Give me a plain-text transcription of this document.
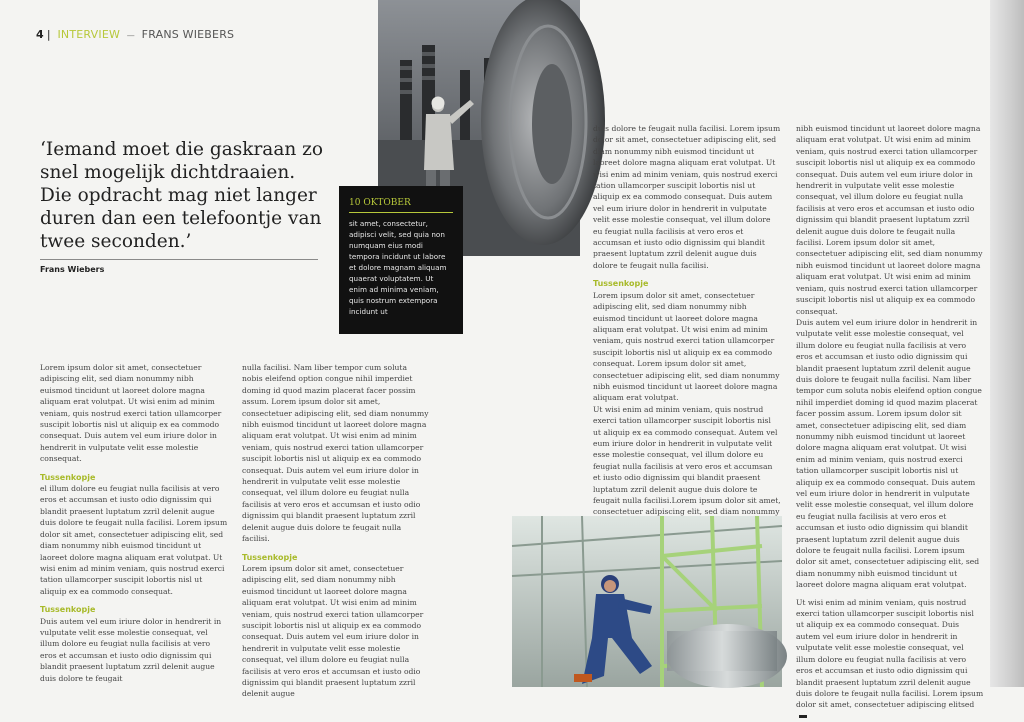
4 | INTERVIEW — FRANS WIEBERS
‘Iemand moet die gaskraan zo snel mogelijk dichtdraaien. Die opdracht mag niet langer duren dan een telefoontje van twee seconden.’
Frans Wiebers
10 OKTOBER
sit amet, consectetur, adipisci velit, sed quia non numquam eius modi tempora incidunt ut labore et dolore magnam aliquam quaerat voluptatem. Ut enim ad minima veniam, quis nostrum extempora incidunt ut

Lorem ipsum dolor sit amet, consectetuer adipiscing elit, sed diam nonummy nibh euismod tincidunt ut laoreet dolore magna aliquam erat volutpat. Ut wisi enim ad minim veniam, quis nostrud exerci tation ullamcorper suscipit lobortis nisl ut aliquip ex ea commodo consequat. Duis autem vel eum iriure dolor in hendrerit in vulputate velit esse molestie consequat.

Tussenkopje

el illum dolore eu feugiat nulla facilisis at vero eros et accumsan et iusto odio dignissim qui blandit praesent luptatum zzril delenit augue duis dolore te feugait nulla facilisi. Lorem ipsum dolor sit amet, consectetuer adipiscing elit, sed diam nonummy nibh euismod tincidunt ut laoreet dolore magna aliquam erat volutpat. Ut wisi enim ad minim veniam, quis nostrud exerci tation ullamcorper suscipit lobortis nisl ut aliquip ex ea commodo consequat.

Tussenkopje

Duis autem vel eum iriure dolor in hendrerit in vulputate velit esse molestie consequat, vel illum dolore eu feugiat nulla facilisis at vero eros et accumsan et iusto odio dignissim qui blandit praesent luptatum zzril delenit augue duis dolore te feugait

nulla facilisi. Nam liber tempor cum soluta nobis eleifend option congue nihil imperdiet doming id quod mazim placerat facer possim assum. Lorem ipsum dolor sit amet, consectetuer adipiscing elit, sed diam nonummy nibh euismod tincidunt ut laoreet dolore magna aliquam erat volutpat. Ut wisi enim ad minim veniam, quis nostrud exerci tation ullamcorper suscipit lobortis nisl ut aliquip ex ea commodo consequat. Duis autem vel eum iriure dolor in hendrerit in vulputate velit esse molestie consequat, vel illum dolore eu feugiat nulla facilisis at vero eros et accumsan et iusto odio dignissim qui blandit praesent luptatum zzril delenit augue duis dolore te feugait nulla facilisi.

Tussenkopje

Lorem ipsum dolor sit amet, consectetuer adipiscing elit, sed diam nonummy nibh euismod tincidunt ut laoreet dolore magna aliquam erat volutpat. Ut wisi enim ad minim veniam, quis nostrud exerci tation ullamcorper suscipit lobortis nisl ut aliquip ex ea commodo consequat. Duis autem vel eum iriure dolor in hendrerit in vulputate velit esse molestie consequat, vel illum dolore eu feugiat nulla facilisis at vero eros et accumsan et iusto odio dignissim qui blandit praesent luptatum zzril delenit augue

duis dolore te feugait nulla facilisi. Lorem ipsum dolor sit amet, consectetuer adipiscing elit, sed diam nonummy nibh euismod tincidunt ut laoreet dolore magna aliquam erat volutpat. Ut wisi enim ad minim veniam, quis nostrud exerci tation ullamcorper suscipit lobortis nisl ut aliquip ex ea commodo consequat. Duis autem vel eum iriure dolor in hendrerit in vulputate velit esse molestie consequat, vel illum dolore eu feugiat nulla facilisis at vero eros et accumsan et iusto odio dignissim qui blandit praesent luptatum zzril delenit augue duis dolore te feugait nulla facilisi.

Tussenkopje

Lorem ipsum dolor sit amet, consectetuer adipiscing elit, sed diam nonummy nibh euismod tincidunt ut laoreet dolore magna aliquam erat volutpat. Ut wisi enim ad minim veniam, quis nostrud exerci tation ullamcorper suscipit lobortis nisl ut aliquip ex ea commodo consequat. Lorem ipsum dolor sit amet, consectetuer adipiscing elit, sed diam nonummy nibh euismod tincidunt ut laoreet dolore magna aliquam erat volutpat.

Ut wisi enim ad minim veniam, quis nostrud exerci tation ullamcorper suscipit lobortis nisl ut aliquip ex ea commodo consequat. Autem vel eum iriure dolor in hendrerit in vulputate velit esse molestie consequat, vel illum dolore eu feugiat nulla facilisis at vero eros et accumsan et iusto odio dignissim qui blandit praesent luptatum zzril delenit augue duis dolore te feugait nulla facilisi.Lorem ipsum dolor sit amet, consectetuer adipiscing elit, sed diam nonummy

nibh euismod tincidunt ut laoreet dolore magna aliquam erat volutpat. Ut wisi enim ad minim veniam, quis nostrud exerci tation ullamcorper suscipit lobortis nisl ut aliquip ex ea commodo consequat. Duis autem vel eum iriure dolor in hendrerit in vulputate velit esse molestie consequat, vel illum dolore eu feugiat nulla facilisis at vero eros et accumsan et iusto odio dignissim qui blandit praesent luptatum zzril delenit augue duis dolore te feugait nulla facilisi. Lorem ipsum dolor sit amet, consectetuer adipiscing elit, sed diam nonummy nibh euismod tincidunt ut laoreet dolore magna aliquam erat volutpat. Ut wisi enim ad minim veniam, quis nostrud exerci tation ullamcorper suscipit lobortis nisl ut aliquip ex ea commodo consequat.

Duis autem vel eum iriure dolor in hendrerit in vulputate velit esse molestie consequat, vel illum dolore eu feugiat nulla facilisis at vero eros et accumsan et iusto odio dignissim qui blandit praesent luptatum zzril delenit augue duis dolore te feugait nulla facilisi. Nam liber tempor cum soluta nobis eleifend option congue nihil imperdiet doming id quod mazim placerat facer possim assum. Lorem ipsum dolor sit amet, consectetuer adipiscing elit, sed diam nonummy nibh euismod tincidunt ut laoreet dolore magna aliquam erat volutpat. Ut wisi enim ad minim veniam, quis nostrud exerci tation ullamcorper suscipit lobortis nisl ut aliquip ex ea commodo consequat. Duis autem vel eum iriure dolor in hendrerit in vulputate velit esse molestie consequat, vel illum dolore eu feugiat nulla facilisis at vero eros et accumsan et iusto odio dignissim qui blandit praesent luptatum zzril delenit augue duis dolore te feugait nulla facilisi. Lorem ipsum dolor sit amet, consectetuer adipiscing elit, sed diam nonummy nibh euismod tincidunt ut laoreet dolore magna aliquam erat volutpat.

Ut wisi enim ad minim veniam, quis nostrud exerci tation ullamcorper suscipit lobortis nisl ut aliquip ex ea commodo consequat. Duis autem vel eum iriure dolor in hendrerit in vulputate velit esse molestie consequat, vel illum dolore eu feugiat nulla facilisis at vero eros et accumsan et iusto odio dignissim qui blandit praesent luptatum zzril delenit augue duis dolore te feugait nulla facilisi. Lorem ipsum dolor sit amet, consectetuer adipiscing elitsed
